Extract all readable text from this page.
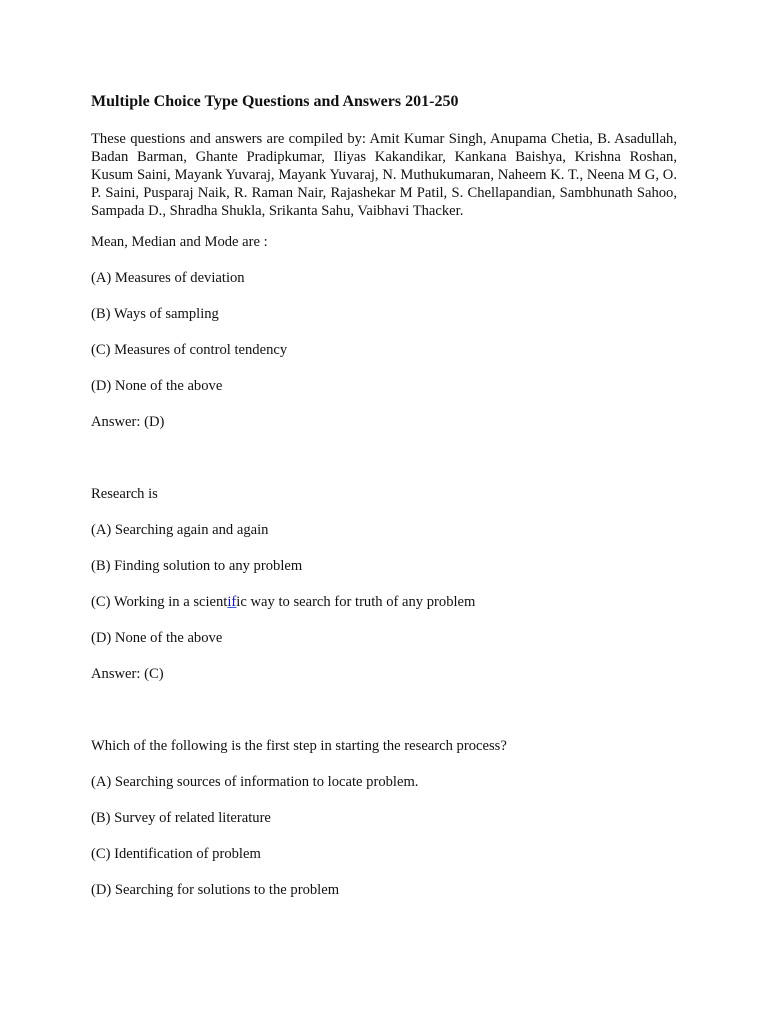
Multiple Choice Type Questions and Answers 201-250
These questions and answers are compiled by: Amit Kumar Singh, Anupama Chetia, B. Asadullah, Badan Barman, Ghante Pradipkumar, Iliyas Kakandikar, Kankana Baishya, Krishna Roshan, Kusum Saini, Mayank Yuvaraj, Mayank Yuvaraj, N. Muthukumaran, Naheem K. T., Neena M G, O. P. Saini, Pusparaj Naik, R. Raman Nair, Rajashekar M Patil, S. Chellapandian, Sambhunath Sahoo, Sampada D., Shradha Shukla, Srikanta Sahu, Vaibhavi Thacker.
Mean, Median and Mode are :
(A) Measures of deviation
(B) Ways of sampling
(C) Measures of control tendency
(D) None of the above
Answer: (D)
Research is
(A) Searching again and again
(B) Finding solution to any problem
(C) Working in a scientific way to search for truth of any problem
(D) None of the above
Answer: (C)
Which of the following is the first step in starting the research process?
(A) Searching sources of information to locate problem.
(B) Survey of related literature
(C) Identification of problem
(D) Searching for solutions to the problem
